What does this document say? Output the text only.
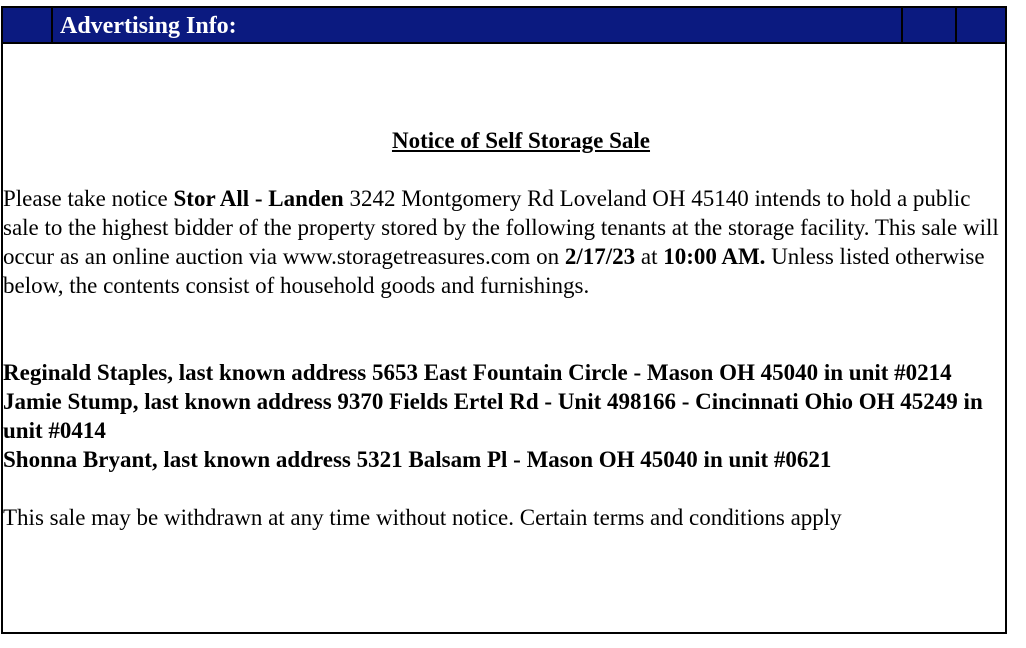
Advertising Info:

Notice of Self Storage Sale

Please take notice Stor All - Landen 3242 Montgomery Rd Loveland OH 45140 intends to hold a public sale to the highest bidder of the property stored by the following tenants at the storage facility. This sale will occur as an online auction via www.storagetreasures.com on 2/17/23 at 10:00 AM. Unless listed otherwise below, the contents consist of household goods and furnishings.

Reginald Staples, last known address 5653 East Fountain Circle - Mason OH 45040 in unit #0214

Jamie Stump, last known address 9370 Fields Ertel Rd - Unit 498166 - Cincinnati Ohio OH 45249 in unit #0414

Shonna Bryant, last known address 5321 Balsam Pl - Mason OH 45040 in unit #0621

This sale may be withdrawn at any time without notice. Certain terms and conditions apply
